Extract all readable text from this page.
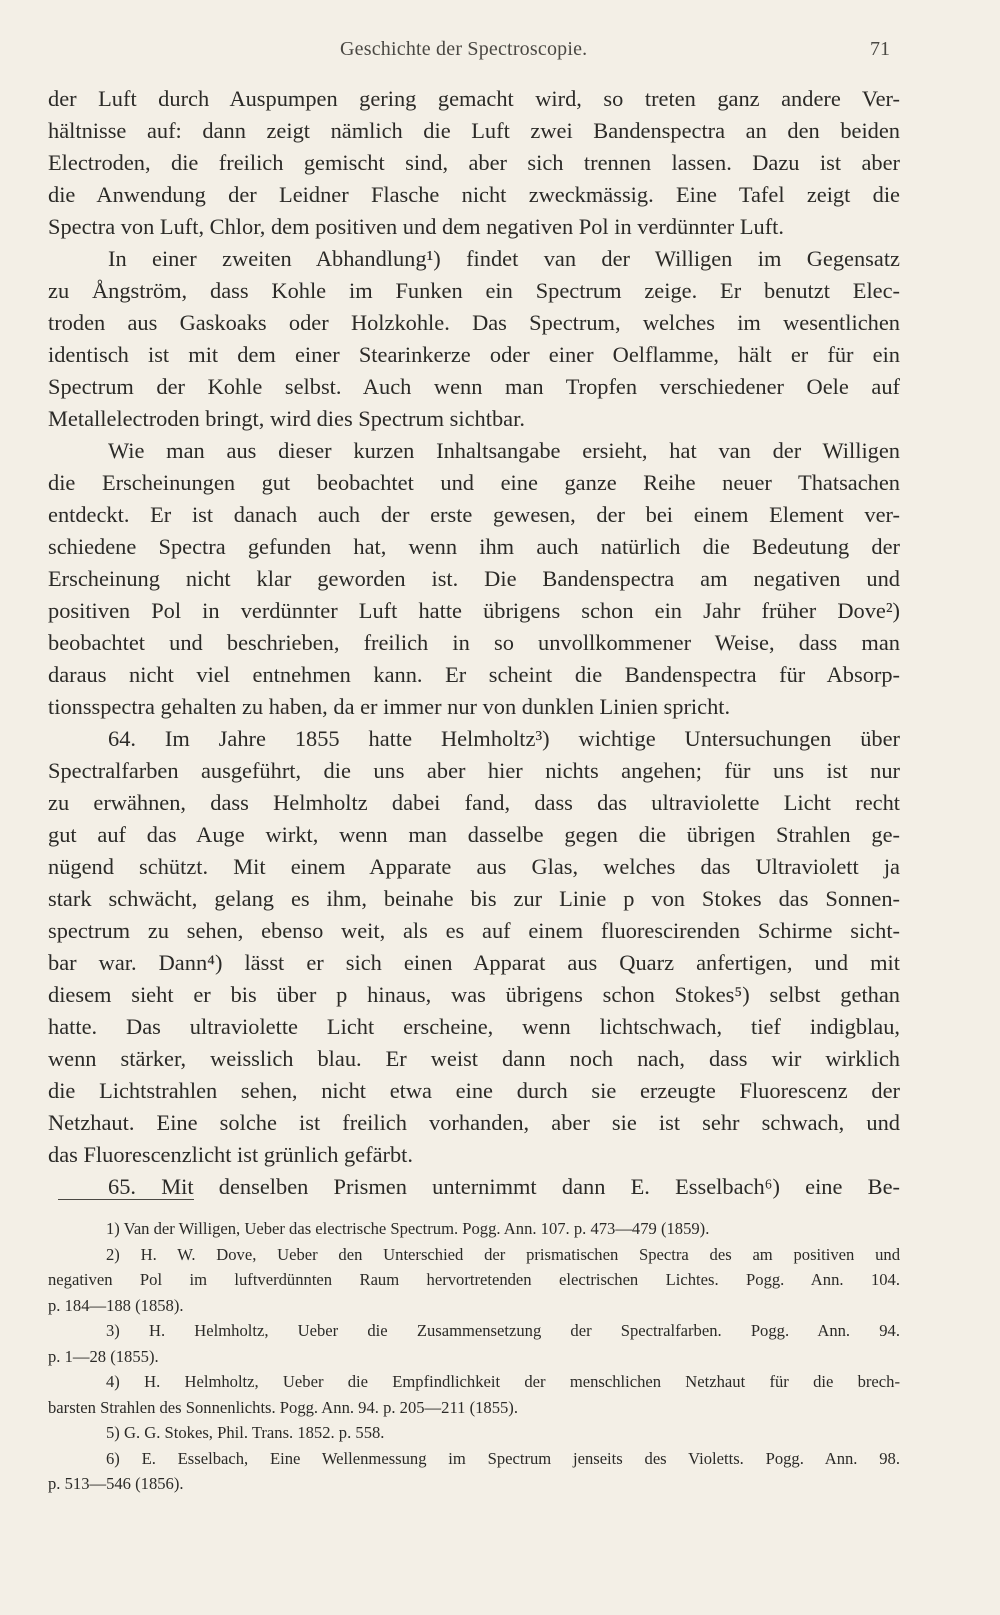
Geschichte der Spectroscopie.	71
der Luft durch Auspumpen gering gemacht wird, so treten ganz andere Ver-
hältnisse auf: dann zeigt nämlich die Luft zwei Bandenspectra an den beiden
Electroden, die freilich gemischt sind, aber sich trennen lassen. Dazu ist aber
die Anwendung der Leidner Flasche nicht zweckmässig. Eine Tafel zeigt die
Spectra von Luft, Chlor, dem positiven und dem negativen Pol in verdünnter Luft.
In einer zweiten Abhandlung¹) findet van der Willigen im Gegensatz
zu Ångström, dass Kohle im Funken ein Spectrum zeige. Er benutzt Elec-
troden aus Gaskoaks oder Holzkohle. Das Spectrum, welches im wesentlichen
identisch ist mit dem einer Stearinkerze oder einer Oelflamme, hält er für ein
Spectrum der Kohle selbst. Auch wenn man Tropfen verschiedener Oele auf
Metallelectroden bringt, wird dies Spectrum sichtbar.
Wie man aus dieser kurzen Inhaltsangabe ersieht, hat van der Willigen
die Erscheinungen gut beobachtet und eine ganze Reihe neuer Thatsachen
entdeckt. Er ist danach auch der erste gewesen, der bei einem Element ver-
schiedene Spectra gefunden hat, wenn ihm auch natürlich die Bedeutung der
Erscheinung nicht klar geworden ist. Die Bandenspectra am negativen und
positiven Pol in verdünnter Luft hatte übrigens schon ein Jahr früher Dove²)
beobachtet und beschrieben, freilich in so unvollkommener Weise, dass man
daraus nicht viel entnehmen kann. Er scheint die Bandenspectra für Absorp-
tionsspectra gehalten zu haben, da er immer nur von dunklen Linien spricht.
64. Im Jahre 1855 hatte Helmholtz³) wichtige Untersuchungen über
Spectralfarben ausgeführt, die uns aber hier nichts angehen; für uns ist nur
zu erwähnen, dass Helmholtz dabei fand, dass das ultraviolette Licht recht
gut auf das Auge wirkt, wenn man dasselbe gegen die übrigen Strahlen ge-
nügend schützt. Mit einem Apparate aus Glas, welches das Ultraviolett ja
stark schwächt, gelang es ihm, beinahe bis zur Linie p von Stokes das Sonnen-
spectrum zu sehen, ebenso weit, als es auf einem fluorescirenden Schirme sicht-
bar war. Dann⁴) lässt er sich einen Apparat aus Quarz anfertigen, und mit
diesem sieht er bis über p hinaus, was übrigens schon Stokes⁵) selbst gethan
hatte. Das ultraviolette Licht erscheine, wenn lichtschwach, tief indigblau,
wenn stärker, weisslich blau. Er weist dann noch nach, dass wir wirklich
die Lichtstrahlen sehen, nicht etwa eine durch sie erzeugte Fluorescenz der
Netzhaut. Eine solche ist freilich vorhanden, aber sie ist sehr schwach, und
das Fluorescenzlicht ist grünlich gefärbt.
65. Mit denselben Prismen unternimmt dann E. Esselbach⁶) eine Be-
1) Van der Willigen, Ueber das electrische Spectrum. Pogg. Ann. 107. p. 473—479 (1859).
2) H. W. Dove, Ueber den Unterschied der prismatischen Spectra des am positiven und
negativen Pol im luftverdünnten Raum hervortretenden electrischen Lichtes. Pogg. Ann. 104.
p. 184—188 (1858).
3) H. Helmholtz, Ueber die Zusammensetzung der Spectralfarben. Pogg. Ann. 94.
p. 1—28 (1855).
4) H. Helmholtz, Ueber die Empfindlichkeit der menschlichen Netzhaut für die brech-
barsten Strahlen des Sonnenlichts. Pogg. Ann. 94. p. 205—211 (1855).
5) G. G. Stokes, Phil. Trans. 1852. p. 558.
6) E. Esselbach, Eine Wellenmessung im Spectrum jenseits des Violetts. Pogg. Ann. 98.
p. 513—546 (1856).
